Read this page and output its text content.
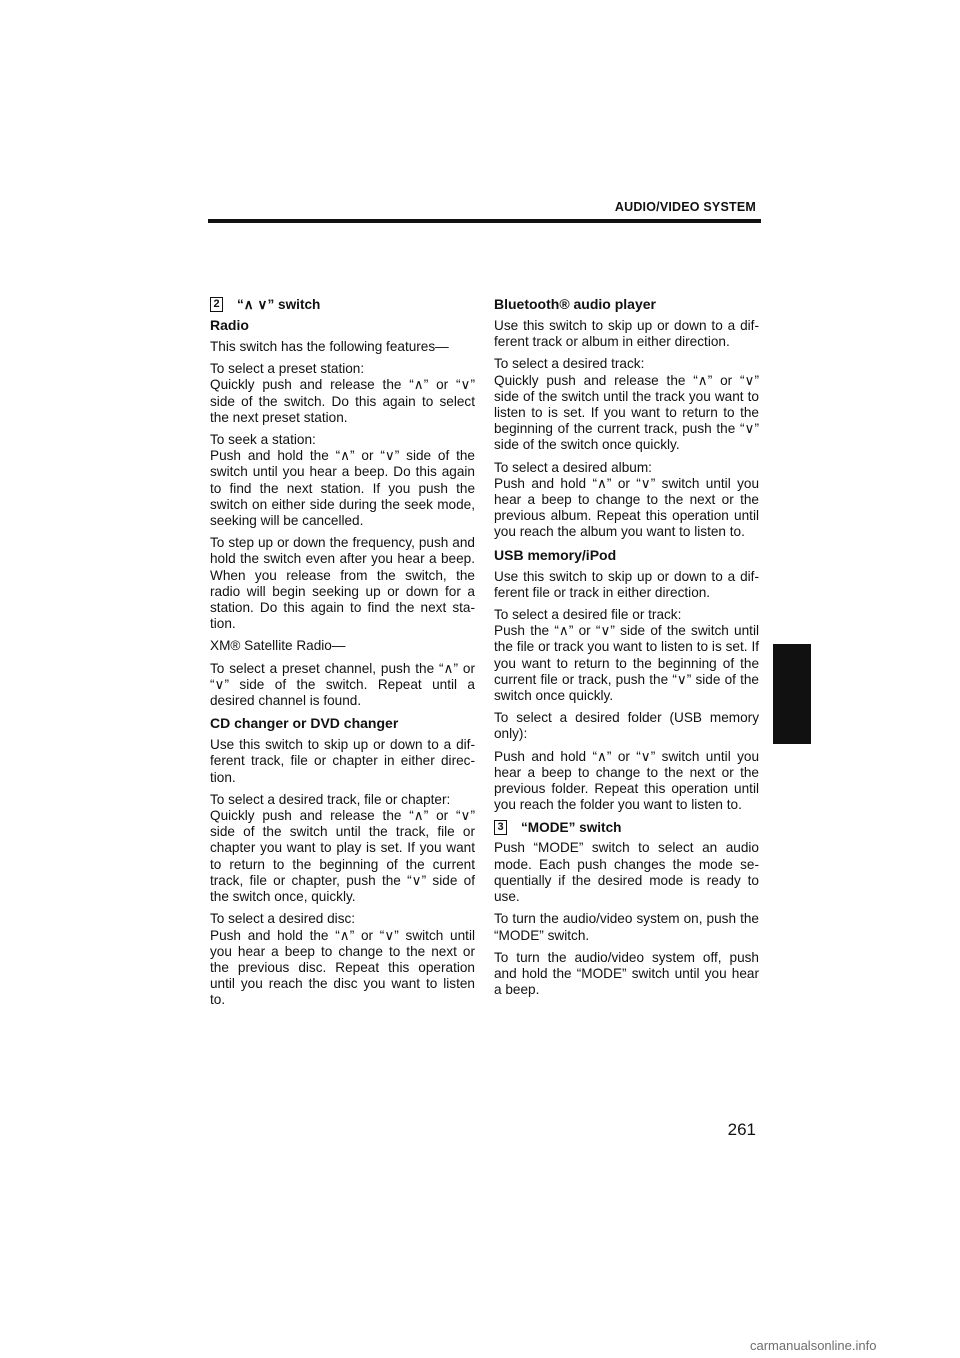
AUDIO/VIDEO SYSTEM
2 “∧ ∨” switch
Radio

This switch has the following features—

To select a preset station:

Quickly push and release the “∧” or “∨” side of the switch. Do this again to select the next preset station.

To seek a station:

Push and hold the “∧” or “∨” side of the switch until you hear a beep. Do this again to find the next station. If you push the switch on either side during the seek mode, seeking will be cancelled.

To step up or down the frequency, push and hold the switch even after you hear a beep. When you release from the switch, the radio will begin seeking up or down for a station. Do this again to find the next sta-tion.

XM® Satellite Radio—

To select a preset channel, push the “∧” or “∨” side of the switch. Repeat until a desired channel is found.

CD changer or DVD changer

Use this switch to skip up or down to a dif-ferent track, file or chapter in either direc-tion.

To select a desired track, file or chapter:

Quickly push and release the “∧” or “∨” side of the switch until the track, file or chapter you want to play is set. If you want to return to the beginning of the current track, file or chapter, push the “∨” side of the switch once, quickly.

To select a desired disc:

Push and hold the “∧” or “∨” switch until you hear a beep to change to the next or the previous disc. Repeat this operation until you reach the disc you want to listen to.

Bluetooth® audio player

Use this switch to skip up or down to a dif-ferent track or album in either direction.

To select a desired track:

Quickly push and release the “∧” or “∨” side of the switch until the track you want to listen to is set. If you want to return to the beginning of the current track, push the “∨” side of the switch once quickly.

To select a desired album:

Push and hold “∧” or “∨” switch until you hear a beep to change to the next or the previous album. Repeat this operation until you reach the album you want to listen to.

USB memory/iPod

Use this switch to skip up or down to a dif-ferent file or track in either direction.

To select a desired file or track:

Push the “∧” or “∨” side of the switch until the file or track you want to listen to is set. If you want to return to the beginning of the current file or track, push the “∨” side of the switch once quickly.

To select a desired folder (USB memory only):

Push and hold “∧” or “∨” switch until you hear a beep to change to the next or the previous folder. Repeat this operation until you reach the folder you want to listen to.

3 “MODE” switch

Push “MODE” switch to select an audio mode. Each push changes the mode se-quentially if the desired mode is ready to use.

To turn the audio/video system on, push the “MODE” switch.

To turn the audio/video system off, push and hold the “MODE” switch until you hear a beep.

261
carmanualsonline.info
